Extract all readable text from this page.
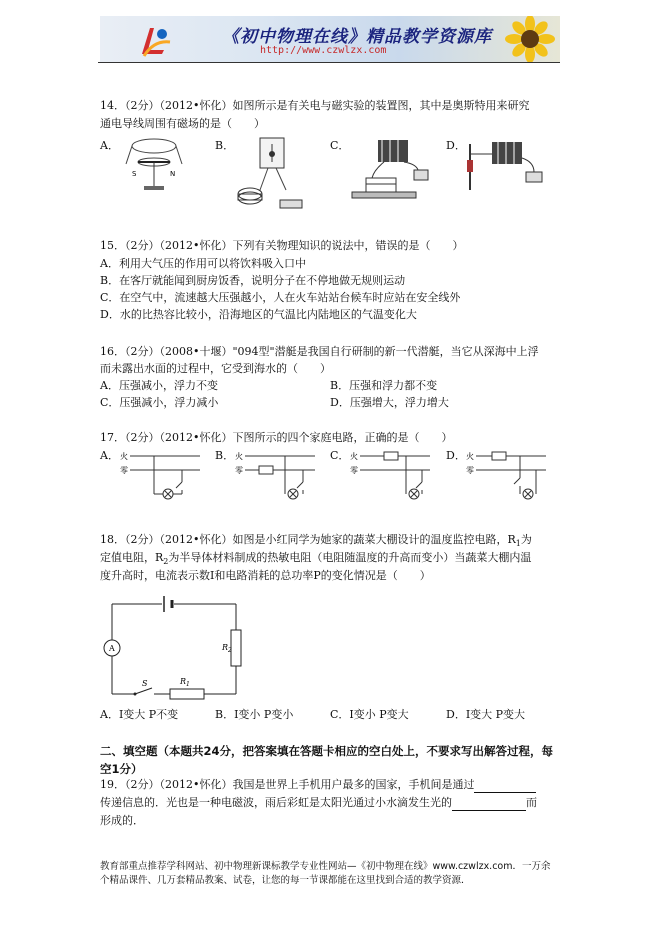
《初中物理在线》精品教学资源库
http://www.czwlzx.com
14．（2分）（2012•怀化）如图所示是有关电与磁实验的装置图，其中是奥斯特用来研究
通电导线周围有磁场的是（　　）
A．	B．	C．	D．
S	N
15．（2分）（2012•怀化）下列有关物理知识的说法中，错误的是（　　）
A．利用大气压的作用可以将饮料吸入口中
B．在客厅就能闻到厨房饭香，说明分子在不停地做无规则运动
C．在空气中，流速越大压强越小，人在火车站站台候车时应站在安全线外
D．水的比热容比较小，沿海地区的气温比内陆地区的气温变化大
16．（2分）（2008•十堰）"094型"潜艇是我国自行研制的新一代潜艇，当它从深海中上浮
而未露出水面的过程中，它受到海水的（　　）
A．压强减小，浮力不变	B．压强和浮力都不变
C．压强减小，浮力减小	D．压强增大，浮力增大
17．（2分）（2012•怀化）下图所示的四个家庭电路，正确的是（　　）
A．	B．	C．	D．
火
零
火
零
火
零
火
零
18．（2分）（2012•怀化）如图是小红同学为她家的蔬菜大棚设计的温度监控电路，$R_1$为
定值电阻，$R_2$为半导体材料制成的热敏电阻（电阻随温度的升高而变小）当蔬菜大棚内温
度升高时，电流表示数I和电路消耗的总功率P的变化情况是（　　）
$R_2$
A
S	$R_1$
A．I变大 P不变	B．I变小 P变小	C．I变小 P变大	D．I变大 P变大
二、填空题（本题共24分，把答案填在答题卡相应的空白处上，不要求写出解答过程，每
空1分）
19．（2分）（2012•怀化）我国是世界上手机用户最多的国家，手机间是通过
传递信息的．光也是一种电磁波，雨后彩虹是太阳光通过小水滴发生光的	而
形成的．
教育部重点推荐学科网站、初中物理新课标教学专业性网站—《初中物理在线》www.czwlzx.com．一万余
个精品课件、几万套精品教案、试卷，让您的每一节课都能在这里找到合适的教学资源．
